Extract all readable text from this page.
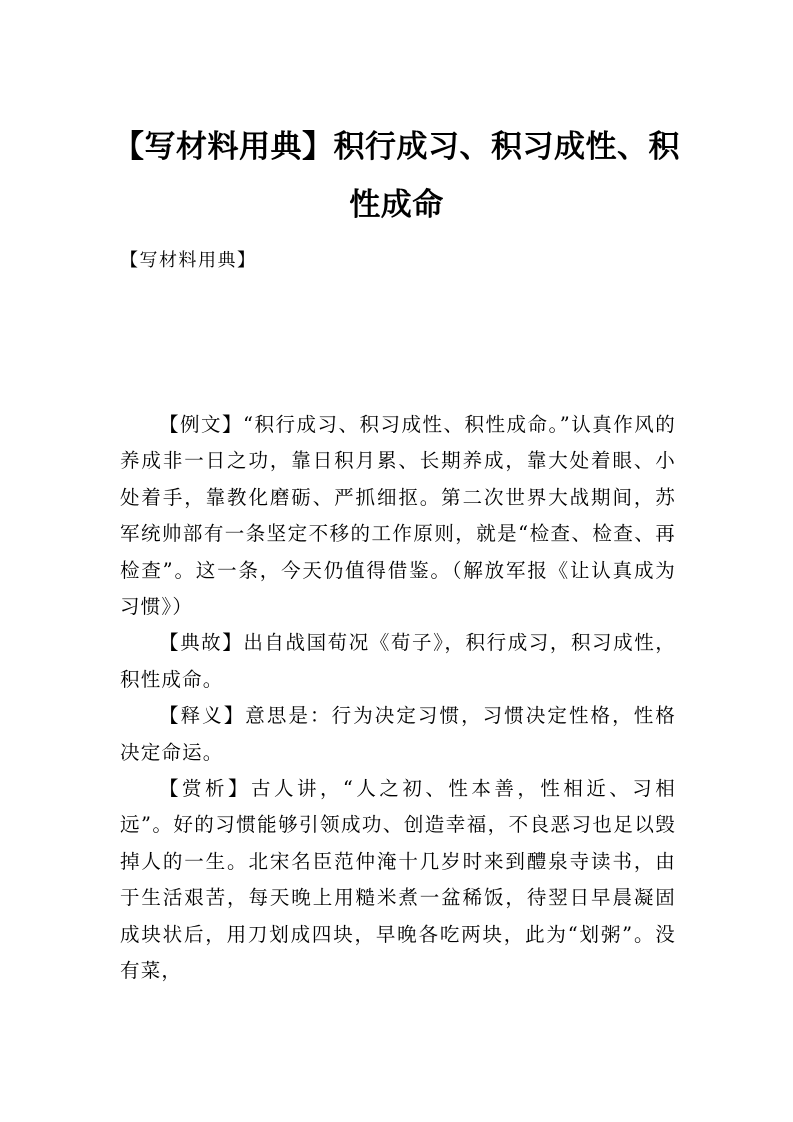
【写材料用典】积行成习、积习成性、积性成命

【写材料用典】

【例文】“积行成习、积习成性、积性成命。”认真作风的养成非一日之功，靠日积月累、长期养成，靠大处着眼、小处着手，靠教化磨砺、严抓细抠。第二次世界大战期间，苏军统帅部有一条坚定不移的工作原则，就是“检查、检查、再检查”。这一条，今天仍值得借鉴。（解放军报《让认真成为习惯》）

【典故】出自战国荀况《荀子》，积行成习，积习成性，积性成命。

【释义】意思是：行为决定习惯，习惯决定性格，性格决定命运。

【赏析】古人讲，“人之初、性本善，性相近、习相远”。好的习惯能够引领成功、创造幸福，不良恶习也足以毁掉人的一生。北宋名臣范仲淹十几岁时来到醴泉寺读书，由于生活艰苦，每天晚上用糙米煮一盆稀饭，待翌日早晨凝固成块状后，用刀划成四块，早晚各吃两块，此为“划粥”。没有菜，
